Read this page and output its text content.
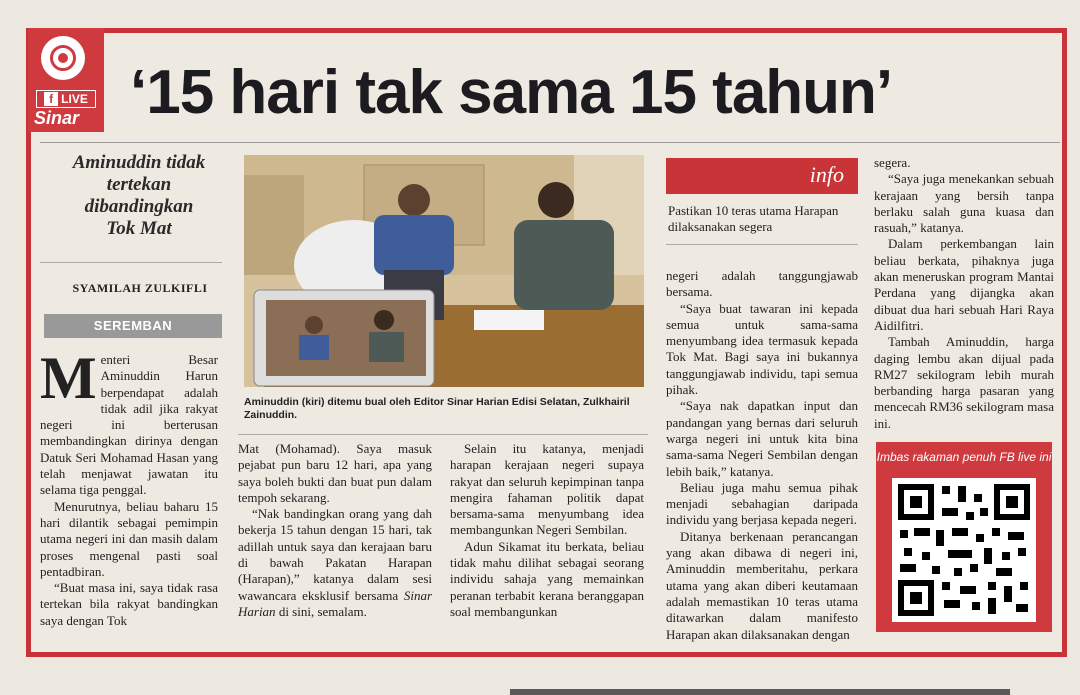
f LIVE
Sinar ‘15 hari tak sama 15 tahun’
Aminuddin tidak
tertekan
dibandingkan
Tok Mat
SYAMILAH ZULKIFLI
SEREMBAN

Menteri Besar Aminuddin Harun berpendapat adalah tidak adil jika rakyat negeri ini berterusan membandingkan dirinya dengan Datuk Seri Mohamad Hasan yang telah menjawat jawatan itu selama tiga penggal.

Menurutnya, beliau baharu 15 hari dilantik sebagai pemimpin utama negeri ini dan masih dalam proses mengenal pasti soal pentadbiran.

“Buat masa ini, saya tidak rasa tertekan bila rakyat bandingkan saya dengan Tok

Aminuddin (kiri) ditemu bual oleh Editor Sinar Harian Edisi Selatan, Zulkhairil Zainuddin.

Mat (Mohamad). Saya masuk pejabat pun baru 12 hari, apa yang saya boleh bukti dan buat pun dalam tempoh sekarang.

“Nak bandingkan orang yang dah bekerja 15 tahun dengan 15 hari, tak adillah untuk saya dan kerajaan baru di bawah Pakatan Harapan (Harapan),” katanya dalam sesi wawancara eksklusif bersama Sinar Harian di sini, semalam.

Selain itu katanya, menjadi harapan kerajaan negeri supaya rakyat dan seluruh kepimpinan tanpa mengira fahaman politik dapat bersama-sama menyumbang idea membangunkan Negeri Sembilan.

Adun Sikamat itu berkata, beliau tidak mahu dilihat sebagai seorang individu sahaja yang memainkan peranan terbabit kerana beranggapan soal membangunkan

info
Pastikan 10 teras utama Harapan dilaksanakan segera

negeri adalah tanggungjawab bersama.

“Saya buat tawaran ini kepada semua untuk sama-sama menyumbang idea termasuk kepada Tok Mat. Bagi saya ini bukannya tanggungjawab individu, tapi semua pihak.

“Saya nak dapatkan input dan pandangan yang bernas dari seluruh warga negeri ini untuk kita bina sama-sama Negeri Sembilan dengan lebih baik,” katanya.

Beliau juga mahu semua pihak menjadi sebahagian daripada individu yang berjasa kepada negeri.

Ditanya berkenaan perancangan yang akan dibawa di negeri ini, Aminuddin memberitahu, perkara utama yang akan diberi keutamaan adalah memastikan 10 teras utama ditawarkan dalam manifesto Harapan akan dilaksanakan dengan

segera.

“Saya juga menekankan sebuah kerajaan yang bersih tanpa berlaku salah guna kuasa dan rasuah,” katanya.

Dalam perkembangan lain beliau berkata, pihaknya juga akan meneruskan program Mantai Perdana yang dijangka akan dibuat dua hari sebuah Hari Raya Aidilfitri.

Tambah Aminuddin, harga daging lembu akan dijual pada RM27 sekilogram lebih murah berbanding harga pasaran yang mencecah RM36 sekilogram masa ini.

Imbas rakaman penuh FB live ini
